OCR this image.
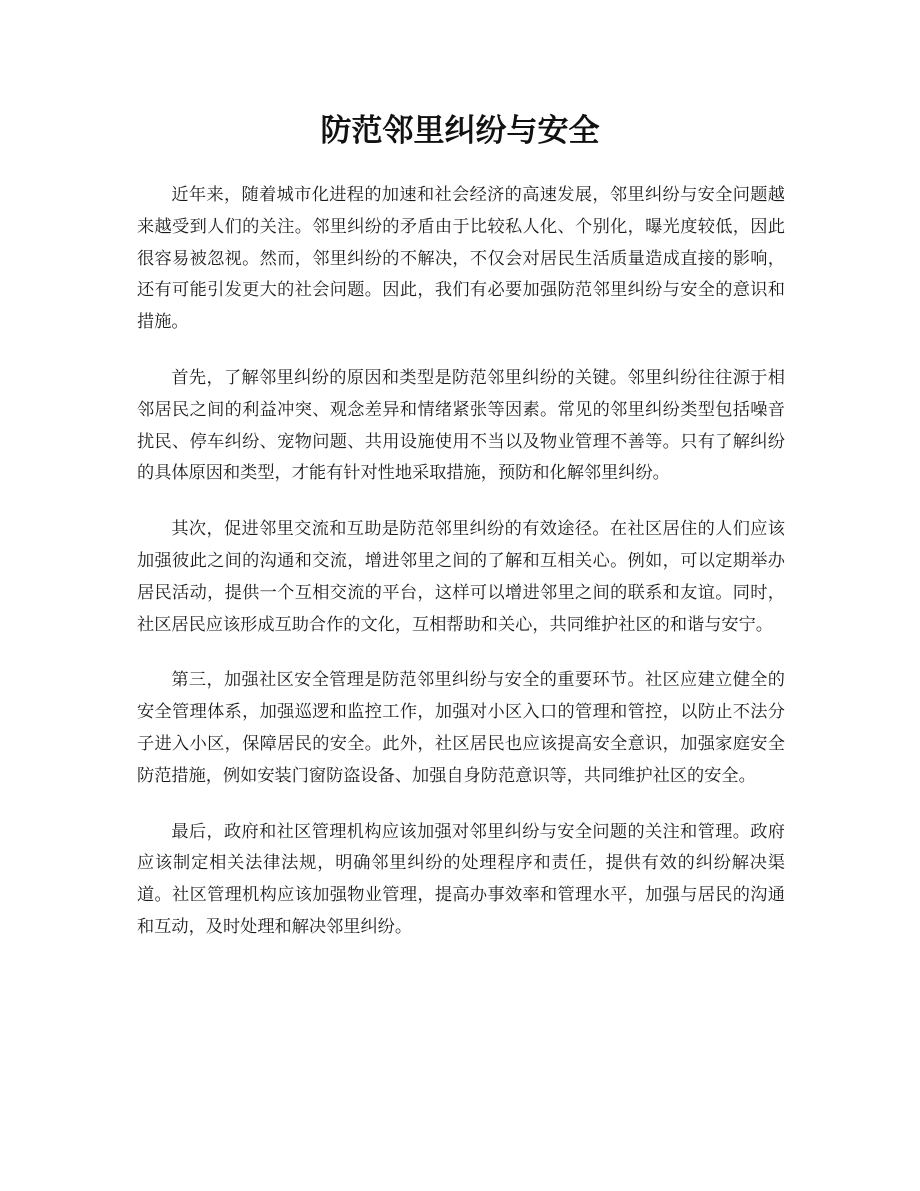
防范邻里纠纷与安全

近年来，随着城市化进程的加速和社会经济的高速发展，邻里纠纷与安全问题越来越受到人们的关注。邻里纠纷的矛盾由于比较私人化、个别化，曝光度较低，因此很容易被忽视。然而，邻里纠纷的不解决，不仅会对居民生活质量造成直接的影响，还有可能引发更大的社会问题。因此，我们有必要加强防范邻里纠纷与安全的意识和措施。

首先，了解邻里纠纷的原因和类型是防范邻里纠纷的关键。邻里纠纷往往源于相邻居民之间的利益冲突、观念差异和情绪紧张等因素。常见的邻里纠纷类型包括噪音扰民、停车纠纷、宠物问题、共用设施使用不当以及物业管理不善等。只有了解纠纷的具体原因和类型，才能有针对性地采取措施，预防和化解邻里纠纷。

其次，促进邻里交流和互助是防范邻里纠纷的有效途径。在社区居住的人们应该加强彼此之间的沟通和交流，增进邻里之间的了解和互相关心。例如，可以定期举办居民活动，提供一个互相交流的平台，这样可以增进邻里之间的联系和友谊。同时，社区居民应该形成互助合作的文化，互相帮助和关心，共同维护社区的和谐与安宁。

第三，加强社区安全管理是防范邻里纠纷与安全的重要环节。社区应建立健全的安全管理体系，加强巡逻和监控工作，加强对小区入口的管理和管控，以防止不法分子进入小区，保障居民的安全。此外，社区居民也应该提高安全意识，加强家庭安全防范措施，例如安装门窗防盗设备、加强自身防范意识等，共同维护社区的安全。

最后，政府和社区管理机构应该加强对邻里纠纷与安全问题的关注和管理。政府应该制定相关法律法规，明确邻里纠纷的处理程序和责任，提供有效的纠纷解决渠道。社区管理机构应该加强物业管理，提高办事效率和管理水平，加强与居民的沟通和互动，及时处理和解决邻里纠纷。
